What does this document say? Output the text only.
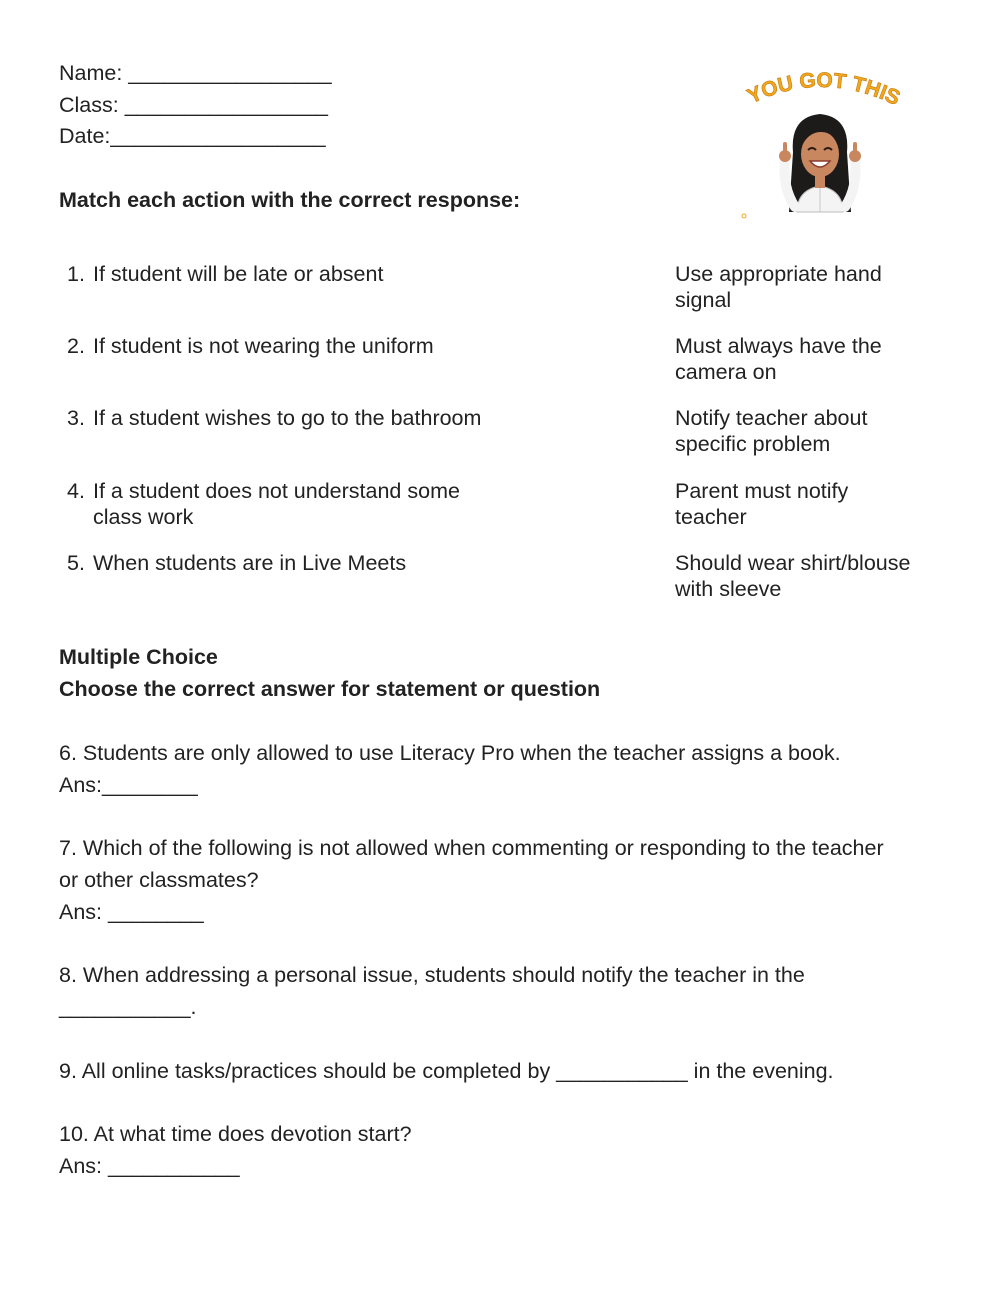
Name: _________________
Class: _________________
Date:__________________
YOU GOT THIS
Match each action with the correct response:
1. If student will be late or absent
2. If student is not wearing the uniform
3. If a student wishes to go to the bathroom
4. If a student does not understand some class work
5. When students are in Live Meets
Use appropriate hand signal
Must always have the camera on
Notify teacher about specific problem
Parent must notify teacher
Should wear shirt/blouse with sleeve
Multiple Choice
Choose the correct answer for statement or question
6. Students are only allowed to use Literacy Pro when the teacher assigns a book.
Ans:________
7. Which of the following is not allowed when commenting or responding to the teacher
or other classmates?
Ans: ________
8. When addressing a personal issue, students should notify the teacher in the
___________.
9. All online tasks/practices should be completed by ___________ in the evening.
10. At what time does devotion start?
Ans: ___________
